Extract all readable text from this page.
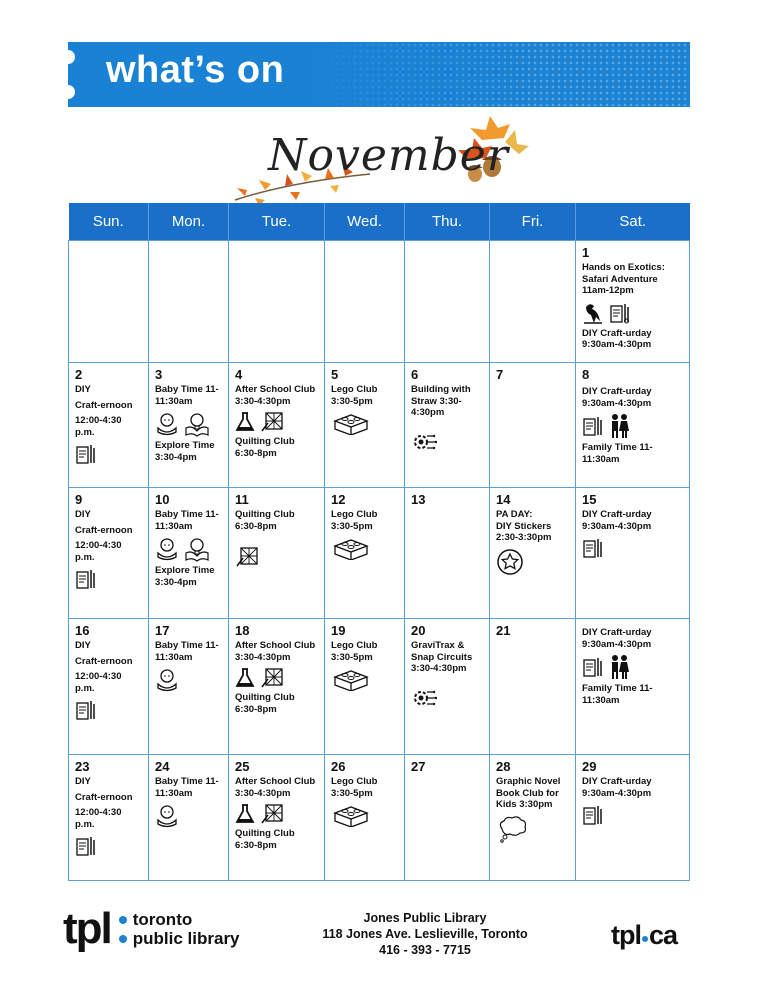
what’s on
November
Sun.	Mon.	Tue.	Wed.	Thu.	Fri.	Sat.

						1
Hands on Exotics: Safari Adventure 11am-12pm
DIY Craft-urday 9:30am-4:30pm

2
DIY
Craft-ernoon
12:00-4:30 p.m.	3
Baby Time 11-11:30am
Explore Time 3:30-4pm	4
After School Club 3:30-4:30pm
Quilting Club 6:30-8pm	5
Lego Club 3:30-5pm	6
Building with Straw 3:30-4:30pm	7	8
DIY Craft-urday 9:30am-4:30pm
Family Time 11-11:30am

9
DIY
Craft-ernoon
12:00-4:30 p.m.	10
Baby Time 11-11:30am
Explore Time 3:30-4pm	11
Quilting Club 6:30-8pm	12
Lego Club 3:30-5pm	13	14
PA DAY:
DIY Stickers 2:30-3:30pm	15
DIY Craft-urday 9:30am-4:30pm

16
DIY
Craft-ernoon
12:00-4:30 p.m.	17
Baby Time 11-11:30am	18
After School Club 3:30-4:30pm
Quilting Club 6:30-8pm	19
Lego Club 3:30-5pm	20
GraviTrax & Snap Circuits 3:30-4:30pm	21	DIY Craft-urday 9:30am-4:30pm
Family Time 11-11:30am

23
DIY
Craft-ernoon
12:00-4:30 p.m.	24
Baby Time 11-11:30am	25
After School Club 3:30-4:30pm
Quilting Club 6:30-8pm	26
Lego Club 3:30-5pm	27	28
Graphic Novel Book Club for Kids 3:30pm	29
DIY Craft-urday 9:30am-4:30pm
tpl toronto
public library
Jones Public Library
118 Jones Ave. Leslieville, Toronto
416 - 393 - 7715	tpl ca
